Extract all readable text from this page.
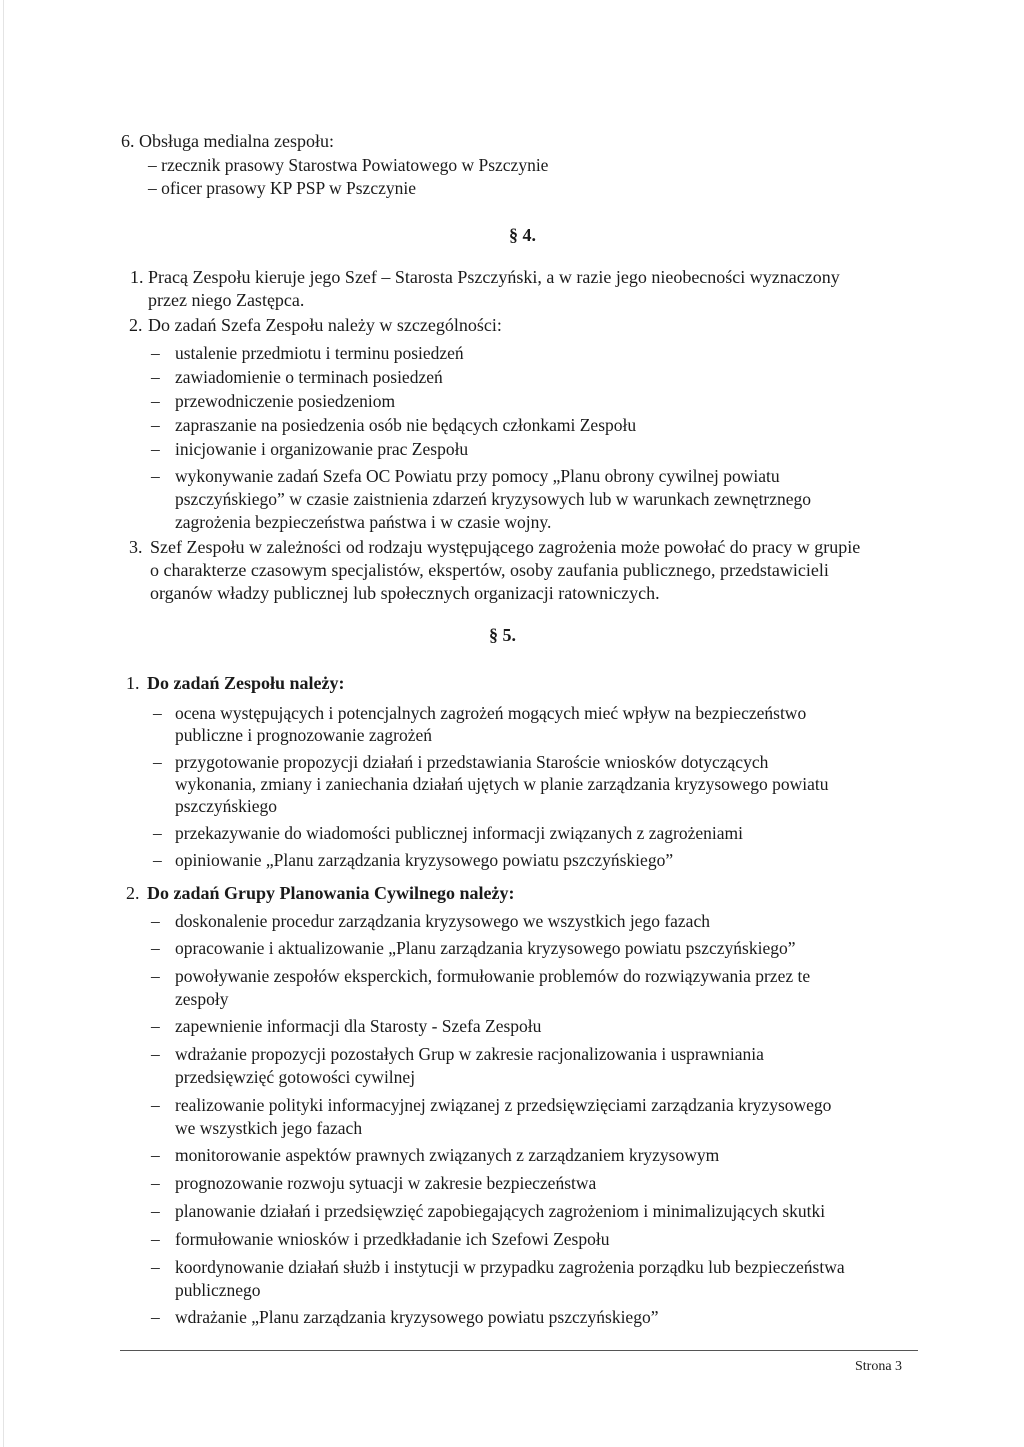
6. Obsługa medialna zespołu:
– rzecznik prasowy Starostwa Powiatowego w Pszczynie
– oficer prasowy KP PSP w Pszczynie
§ 4.
1. Pracą Zespołu kieruje jego Szef – Starosta Pszczyński, a w razie jego nieobecności wyznaczony
przez niego Zastępca.
2. Do zadań Szefa Zespołu należy w szczególności:
– ustalenie przedmiotu i terminu posiedzeń
– zawiadomienie o terminach posiedzeń
– przewodniczenie posiedzeniom
– zapraszanie na posiedzenia osób nie będących członkami Zespołu
– inicjowanie i organizowanie prac Zespołu
– wykonywanie zadań Szefa OC Powiatu przy pomocy „Planu obrony cywilnej powiatu
pszczyńskiego” w czasie zaistnienia zdarzeń kryzysowych lub w warunkach zewnętrznego
zagrożenia bezpieczeństwa państwa i w czasie wojny.
3. Szef Zespołu w zależności od rodzaju występującego zagrożenia może powołać do pracy w grupie
o charakterze czasowym specjalistów, ekspertów, osoby zaufania publicznego, przedstawicieli
organów władzy publicznej lub społecznych organizacji ratowniczych.
§ 5.
1. Do zadań Zespołu należy:
– ocena występujących i potencjalnych zagrożeń mogących mieć wpływ na bezpieczeństwo
publiczne i prognozowanie zagrożeń
– przygotowanie propozycji działań i przedstawiania Staroście wniosków dotyczących
wykonania, zmiany i zaniechania działań ujętych w planie zarządzania kryzysowego powiatu
pszczyńskiego
– przekazywanie do wiadomości publicznej informacji związanych z zagrożeniami
– opiniowanie „Planu zarządzania kryzysowego powiatu pszczyńskiego”
2. Do zadań Grupy Planowania Cywilnego należy:
– doskonalenie procedur zarządzania kryzysowego we wszystkich jego fazach
– opracowanie i aktualizowanie „Planu zarządzania kryzysowego powiatu pszczyńskiego”
– powoływanie zespołów eksperckich, formułowanie problemów do rozwiązywania przez te
zespoły
– zapewnienie informacji dla Starosty - Szefa Zespołu
– wdrażanie propozycji pozostałych Grup w zakresie racjonalizowania i usprawniania
przedsięwzięć gotowości cywilnej
– realizowanie polityki informacyjnej związanej z przedsięwzięciami zarządzania kryzysowego
we wszystkich jego fazach
– monitorowanie aspektów prawnych związanych z zarządzaniem kryzysowym
– prognozowanie rozwoju sytuacji w zakresie bezpieczeństwa
– planowanie działań i przedsięwzięć zapobiegających zagrożeniom i minimalizujących skutki
– formułowanie wniosków i przedkładanie ich Szefowi Zespołu
– koordynowanie działań służb i instytucji w przypadku zagrożenia porządku lub bezpieczeństwa
publicznego
– wdrażanie „Planu zarządzania kryzysowego powiatu pszczyńskiego”
Strona 3
